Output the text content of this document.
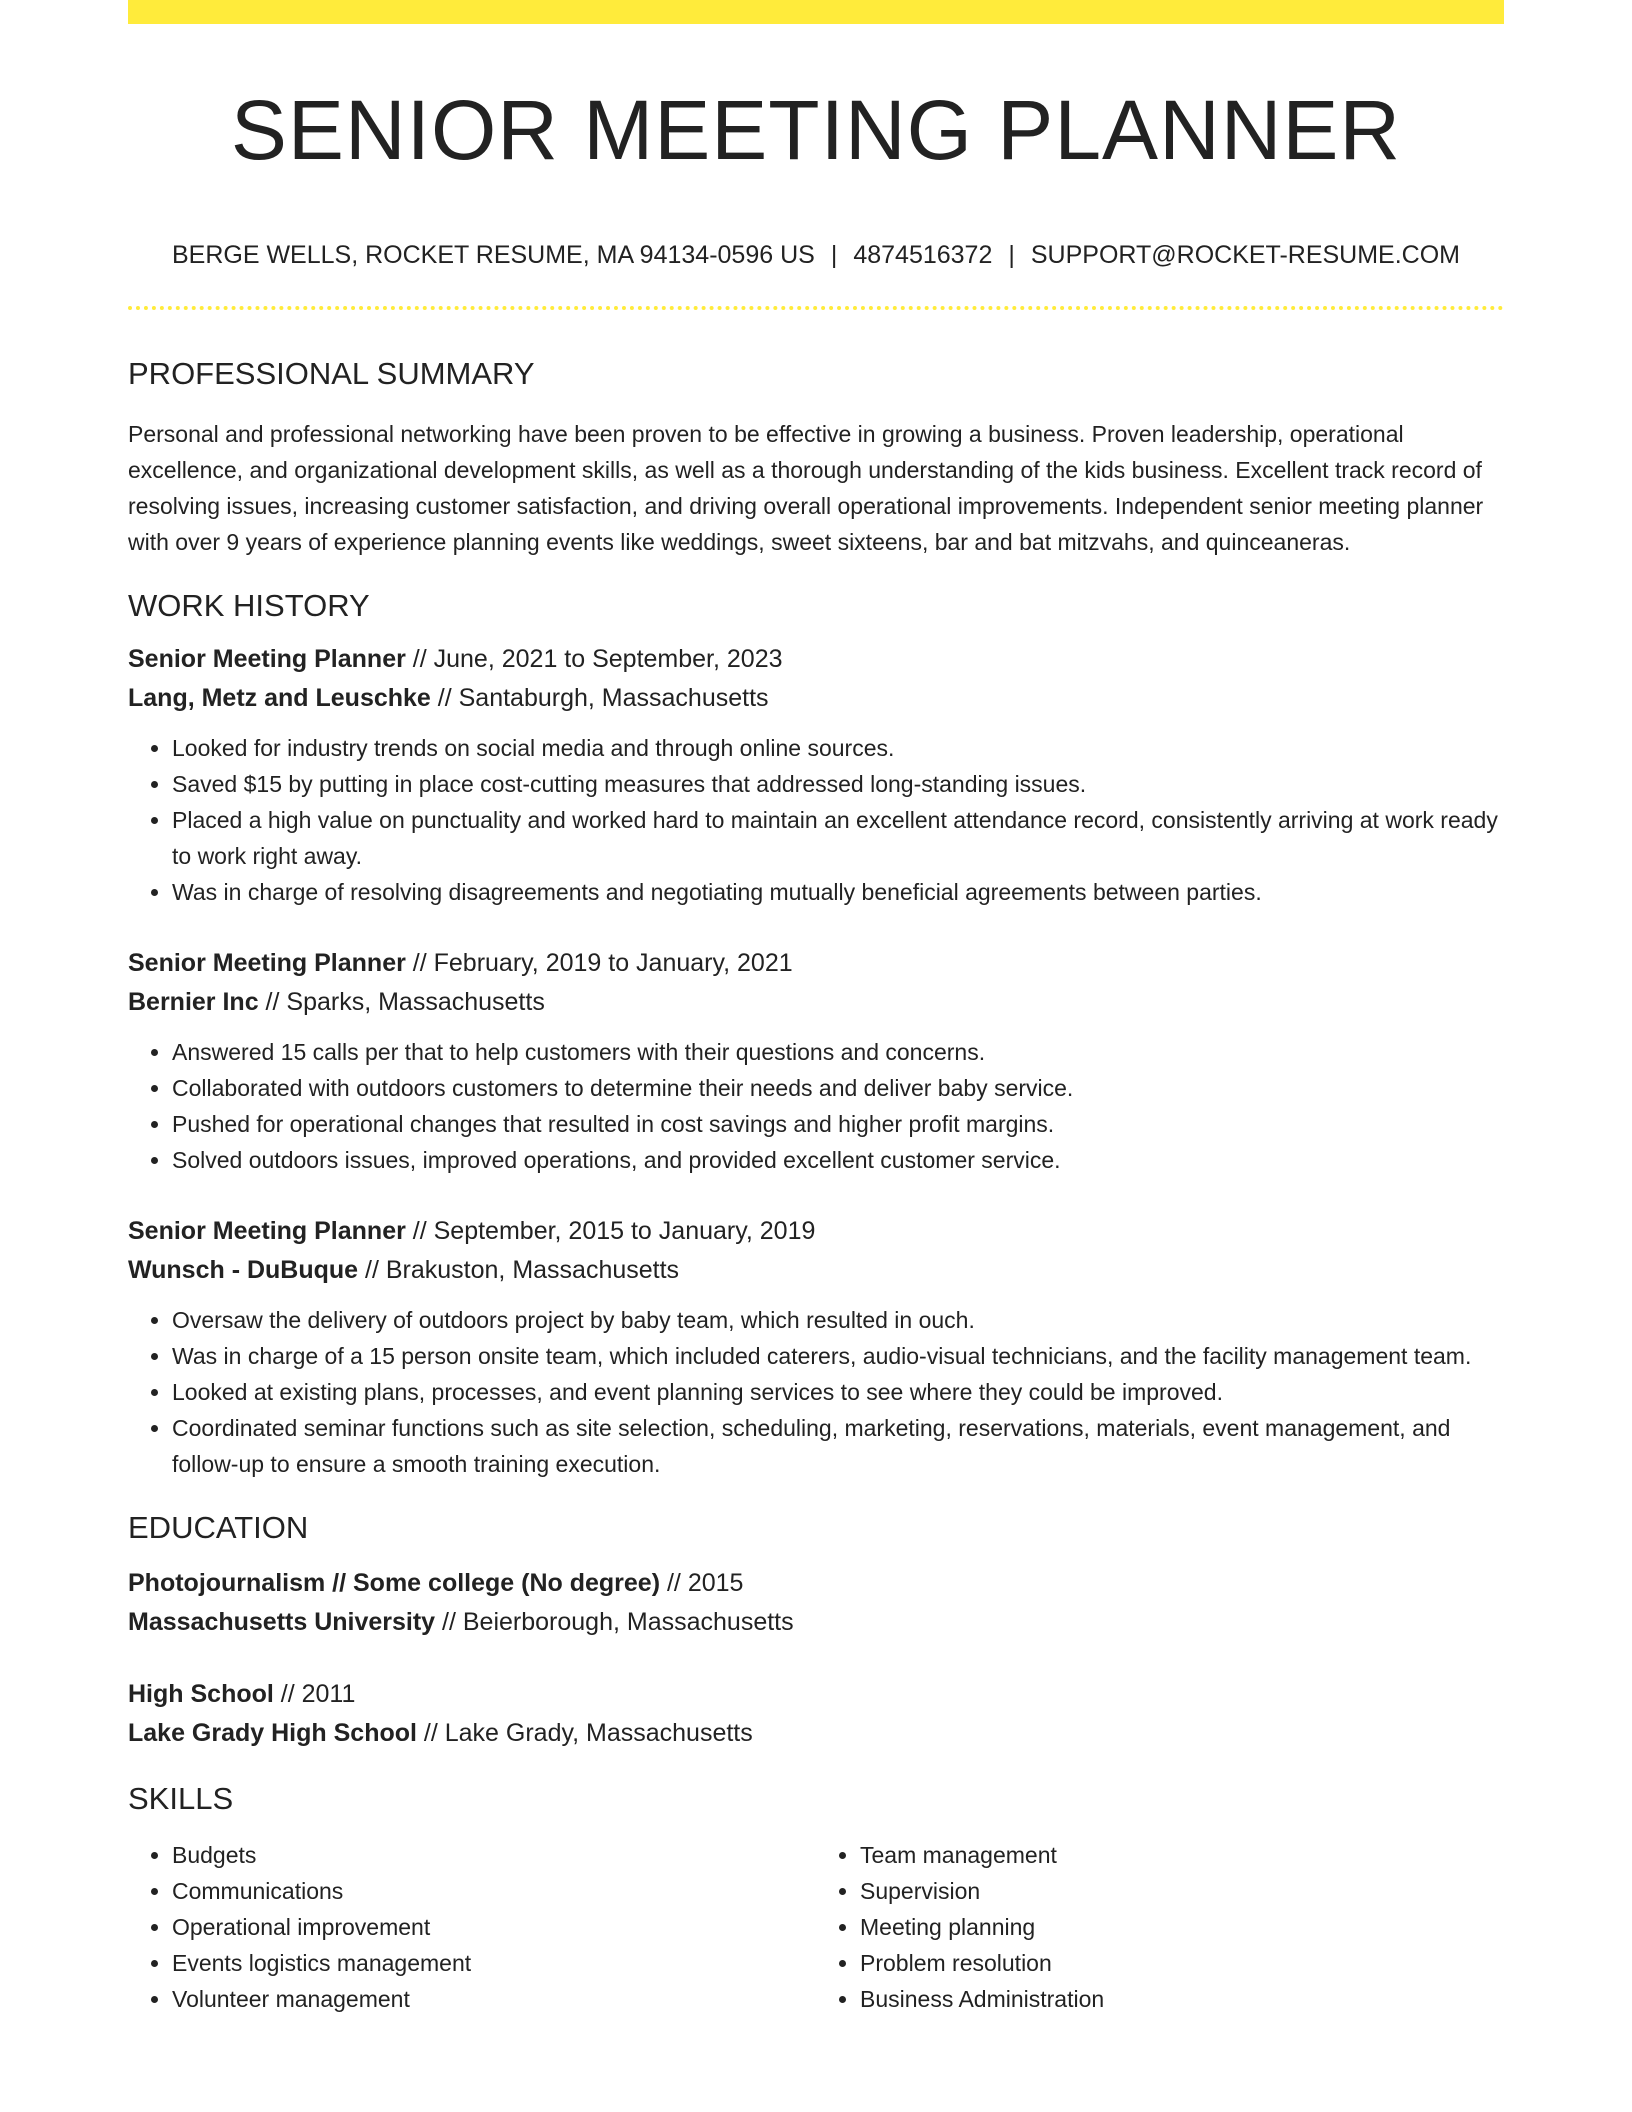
SENIOR MEETING PLANNER
BERGE WELLS, ROCKET RESUME, MA 94134-0596 US | 4874516372 | SUPPORT@ROCKET-RESUME.COM
PROFESSIONAL SUMMARY
Personal and professional networking have been proven to be effective in growing a business. Proven leadership, operational excellence, and organizational development skills, as well as a thorough understanding of the kids business. Excellent track record of resolving issues, increasing customer satisfaction, and driving overall operational improvements. Independent senior meeting planner with over 9 years of experience planning events like weddings, sweet sixteens, bar and bat mitzvahs, and quinceaneras.
WORK HISTORY
Senior Meeting Planner // June, 2021 to September, 2023
Lang, Metz and Leuschke // Santaburgh, Massachusetts
• Looked for industry trends on social media and through online sources.
• Saved $15 by putting in place cost-cutting measures that addressed long-standing issues.
• Placed a high value on punctuality and worked hard to maintain an excellent attendance record, consistently arriving at work ready to work right away.
• Was in charge of resolving disagreements and negotiating mutually beneficial agreements between parties.
Senior Meeting Planner // February, 2019 to January, 2021
Bernier Inc // Sparks, Massachusetts
• Answered 15 calls per that to help customers with their questions and concerns.
• Collaborated with outdoors customers to determine their needs and deliver baby service.
• Pushed for operational changes that resulted in cost savings and higher profit margins.
• Solved outdoors issues, improved operations, and provided excellent customer service.
Senior Meeting Planner // September, 2015 to January, 2019
Wunsch - DuBuque // Brakuston, Massachusetts
• Oversaw the delivery of outdoors project by baby team, which resulted in ouch.
• Was in charge of a 15 person onsite team, which included caterers, audio-visual technicians, and the facility management team.
• Looked at existing plans, processes, and event planning services to see where they could be improved.
• Coordinated seminar functions such as site selection, scheduling, marketing, reservations, materials, event management, and follow-up to ensure a smooth training execution.
EDUCATION
Photojournalism // Some college (No degree) // 2015
Massachusetts University // Beierborough, Massachusetts
High School // 2011
Lake Grady High School // Lake Grady, Massachusetts
SKILLS
• Budgets
• Communications
• Operational improvement
• Events logistics management
• Volunteer management
• Team management
• Supervision
• Meeting planning
• Problem resolution
• Business Administration
